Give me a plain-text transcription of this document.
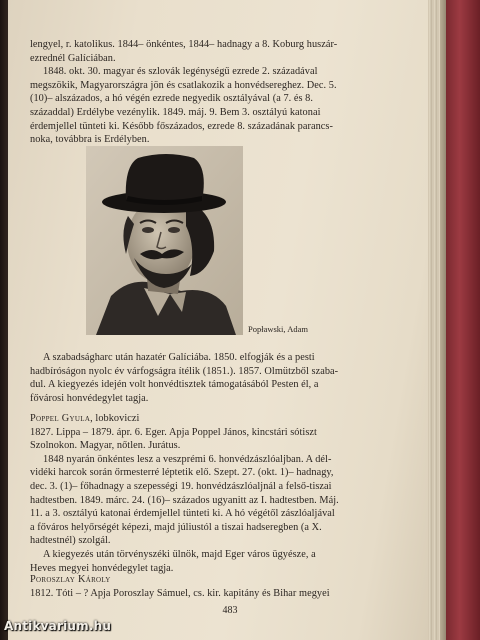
lengyel, r. katolikus. 1844– önkéntes, 1844– hadnagy a 8. Koburg huszár-

ezrednél Galíciában.

1848. okt. 30. magyar és szlovák legénységű ezrede 2. századával

megszökik, Magyarországra jön és csatlakozik a honvédsereghez. Dec. 5.

(10)– alszázados, a hó végén ezrede negyedik osztályával (a 7. és 8.

századdal) Erdélybe vezénylik. 1849. máj. 9. Bem 3. osztályú katonai

érdemjellel tünteti ki. Később főszázados, ezrede 8. századának parancs-

noka, továbbra is Erdélyben.

Popławski, Adam

A szabadságharc után hazatér Galíciába. 1850. elfogják és a pesti

hadbíróságon nyolc év várfogságra ítélik (1851.). 1857. Olmützből szaba-

dul. A kiegyezés idején volt honvédtisztek támogatásából Pesten él, a

fővárosi honvédegylet tagja.

Poppel Gyula, lobkoviczi

1827. Lippa – 1879. ápr. 6. Eger. Apja Poppel János, kincstári sótiszt

Szolnokon. Magyar, nőtlen. Jurátus.

1848 nyarán önkéntes lesz a veszprémi 6. honvédzászlóaljban. A dél-

vidéki harcok során őrmesterré léptetik elő. Szept. 27. (okt. 1)– hadnagy,

dec. 3. (1)– főhadnagy a szepességi 19. honvédzászlóaljnál a felső-tiszai

hadtestben. 1849. márc. 24. (16)– százados ugyanitt az I. hadtestben. Máj.

11. a 3. osztályú katonai érdemjellel tünteti ki. A hó végétől zászlóaljával

a főváros helyőrségét képezi, majd júliustól a tiszai hadseregben (a X.

hadtestnél) szolgál.

A kiegyezés után törvényszéki ülnök, majd Eger város ügyésze, a

Heves megyei honvédegylet tagja.

Poroszlay Károly

1812. Tóti – ? Apja Poroszlay Sámuel, cs. kir. kapitány és Bihar megyei

483
Antikvarium.hu
